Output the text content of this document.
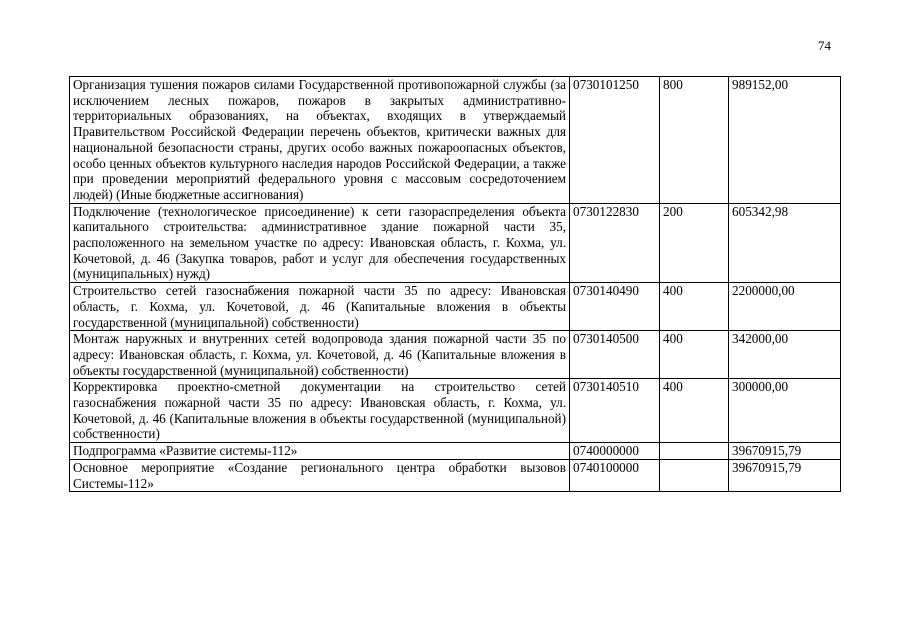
74
Организация тушения пожаров силами Государственной противопожарной службы (за исключением лесных пожаров, пожаров в закрытых административно-территориальных образованиях, на объектах, входящих в утверждаемый Правительством Российской Федерации перечень объектов, критически важных для национальной безопасности страны, других особо важных пожароопасных объектов, особо ценных объектов культурного наследия народов Российской Федерации, а также при проведении мероприятий федерального уровня с массовым сосредоточением людей) (Иные бюджетные ассигнования)	0730101250	800	989152,00
Подключение (технологическое присоединение) к сети газораспределения объекта капитального строительства: административное здание пожарной части 35, расположенного на земельном участке по адресу: Ивановская область, г. Кохма, ул. Кочетовой, д. 46 (Закупка товаров, работ и услуг для обеспечения государственных (муниципальных) нужд)	0730122830	200	605342,98
Строительство сетей газоснабжения пожарной части 35 по адресу: Ивановская область, г. Кохма, ул. Кочетовой, д. 46 (Капитальные вложения в объекты государственной (муниципальной) собственности)	0730140490	400	2200000,00
Монтаж наружных и внутренних сетей водопровода здания пожарной части 35 по адресу: Ивановская область, г. Кохма, ул. Кочетовой, д. 46 (Капитальные вложения в объекты государственной (муниципальной) собственности)	0730140500	400	342000,00
Корректировка проектно-сметной документации на строительство сетей газоснабжения пожарной части 35 по адресу: Ивановская область, г. Кохма, ул. Кочетовой, д. 46 (Капитальные вложения в объекты государственной (муниципальной) собственности)	0730140510	400	300000,00
Подпрограмма «Развитие системы-112»	0740000000		39670915,79
Основное мероприятие «Создание регионального центра обработки вызовов Системы-112»	0740100000		39670915,79
